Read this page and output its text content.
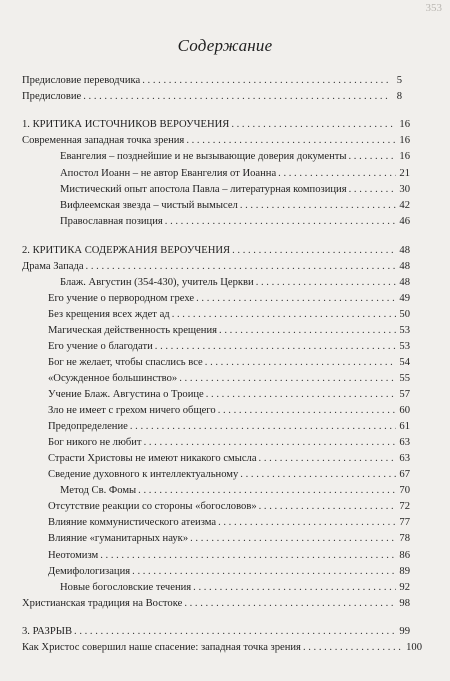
353
Содержание
Предисловие переводчика . . .	5
Предисловие . . .	8
1. КРИТИКА ИСТОЧНИКОВ ВЕРОУЧЕНИЯ . . .	16
Современная западная точка зрения . . .	16
Евангелия – позднейшие и не вызывающие доверия документы . . .	16
Апостол Иоанн – не автор Евангелия от Иоанна . . .	21
Мистический опыт апостола Павла – литературная композиция . . .	30
Вифлеемская звезда – чистый вымысел . . .	42
Православная позиция . . .	46
2. КРИТИКА СОДЕРЖАНИЯ ВЕРОУЧЕНИЯ . . .	48
Драма Запада . . .	48
Блаж. Августин (354-430), учитель Церкви . . .	48
Его учение о первородном грехе . . .	49
Без крещения всех ждет ад . . .	50
Магическая действенность крещения . . .	53
Его учение о благодати . . .	53
Бог не желает, чтобы спаслись все . . .	54
«Осужденное большинство» . . .	55
Учение Блаж. Августина о Троице . . .	57
Зло не имеет с грехом ничего общего . . .	60
Предопределение . . .	61
Бог никого не любит . . .	63
Страсти Христовы не имеют никакого смысла . . .	63
Сведение духовного к интеллектуальному . . .	67
Метод Св. Фомы . . .	70
Отсутствие реакции со стороны «богословов» . . .	72
Влияние коммунистического атеизма . . .	77
Влияние «гуманитарных наук» . . .	78
Неотомизм . . .	86
Демифологизация . . .	89
Новые богословские течения . . .	92
Христианская традиция на Востоке . . .	98
3. РАЗРЫВ . . .	99
Как Христос совершил наше спасение: западная точка зрения . . .	100
